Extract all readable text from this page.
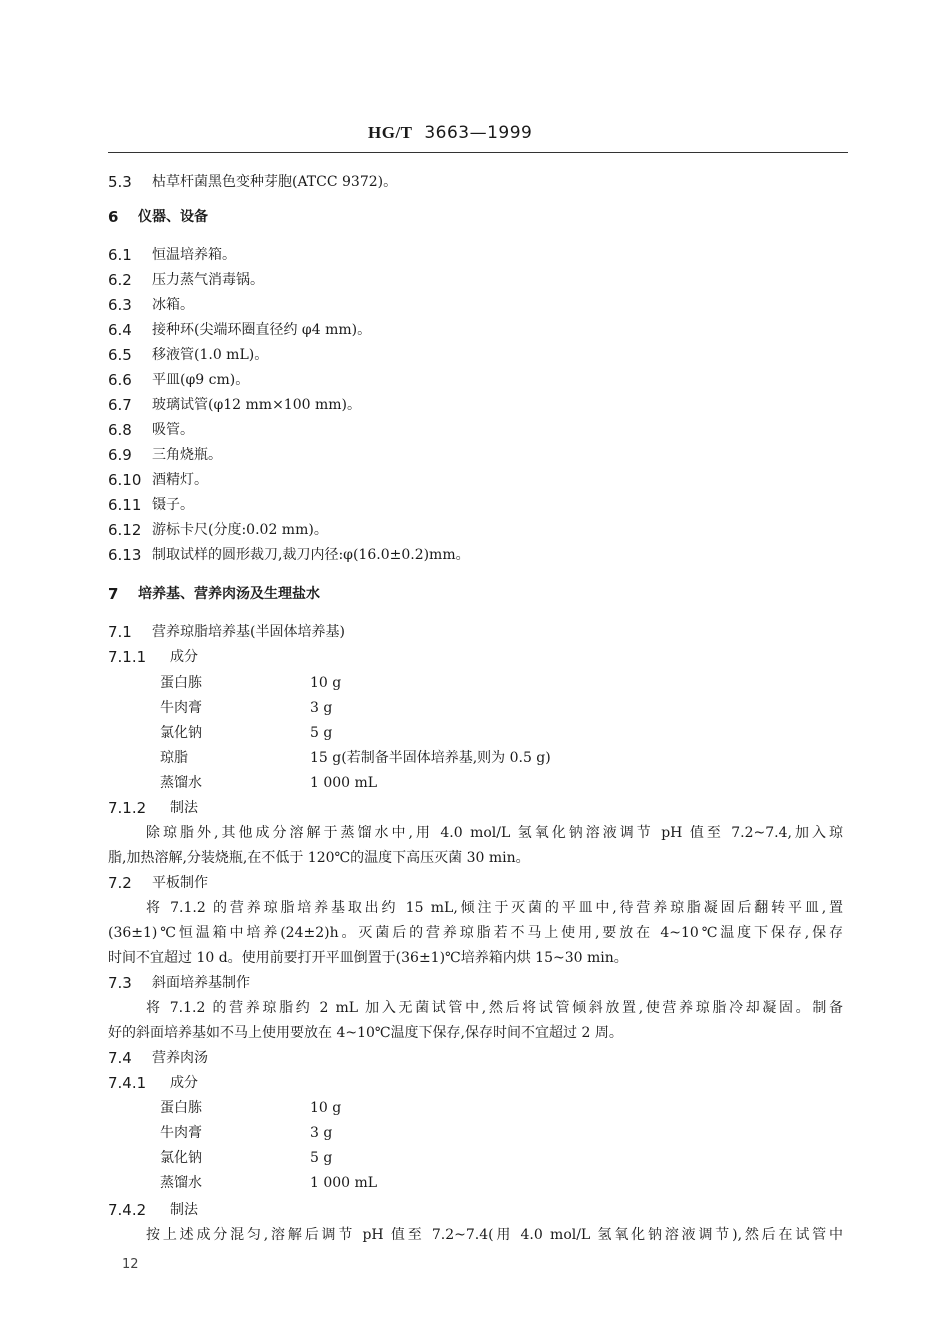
HG/T 3663—1999
5.3 枯草杆菌黑色变种芽胞(ATCC 9372)。
6 仪器、设备
6.1 恒温培养箱。
6.2 压力蒸气消毒锅。
6.3 冰箱。
6.4 接种环(尖端环圈直径约 φ4 mm)。
6.5 移液管(1.0 mL)。
6.6 平皿(φ9 cm)。
6.7 玻璃试管(φ12 mm×100 mm)。
6.8 吸管。
6.9 三角烧瓶。
6.10 酒精灯。
6.11 镊子。
6.12 游标卡尺(分度:0.02 mm)。
6.13 制取试样的圆形裁刀,裁刀内径:φ(16.0±0.2)mm。
7 培养基、营养肉汤及生理盐水
7.1 营养琼脂培养基(半固体培养基)
7.1.1 成分
蛋白胨	10 g
牛肉膏	3 g
氯化钠	5 g
琼脂	15 g(若制备半固体培养基,则为 0.5 g)
蒸馏水	1 000 mL
7.1.2 制法
除琼脂外,其他成分溶解于蒸馏水中,用 4.0 mol/L 氢氧化钠溶液调节 pH 值至 7.2~7.4,加入琼
脂,加热溶解,分装烧瓶,在不低于 120℃的温度下高压灭菌 30 min。
7.2 平板制作
将 7.1.2 的营养琼脂培养基取出约 15 mL,倾注于灭菌的平皿中,待营养琼脂凝固后翻转平皿,置
(36±1)℃恒温箱中培养(24±2)h。灭菌后的营养琼脂若不马上使用,要放在 4~10℃温度下保存,保存
时间不宜超过 10 d。使用前要打开平皿倒置于(36±1)℃培养箱内烘 15~30 min。
7.3 斜面培养基制作
将 7.1.2 的营养琼脂约 2 mL 加入无菌试管中,然后将试管倾斜放置,使营养琼脂冷却凝固。制备
好的斜面培养基如不马上使用要放在 4~10℃温度下保存,保存时间不宜超过 2 周。
7.4 营养肉汤
7.4.1 成分
蛋白胨	10 g
牛肉膏	3 g
氯化钠	5 g
蒸馏水	1 000 mL
7.4.2 制法
按上述成分混匀,溶解后调节 pH 值至 7.2~7.4(用 4.0 mol/L 氢氧化钠溶液调节),然后在试管中
12
